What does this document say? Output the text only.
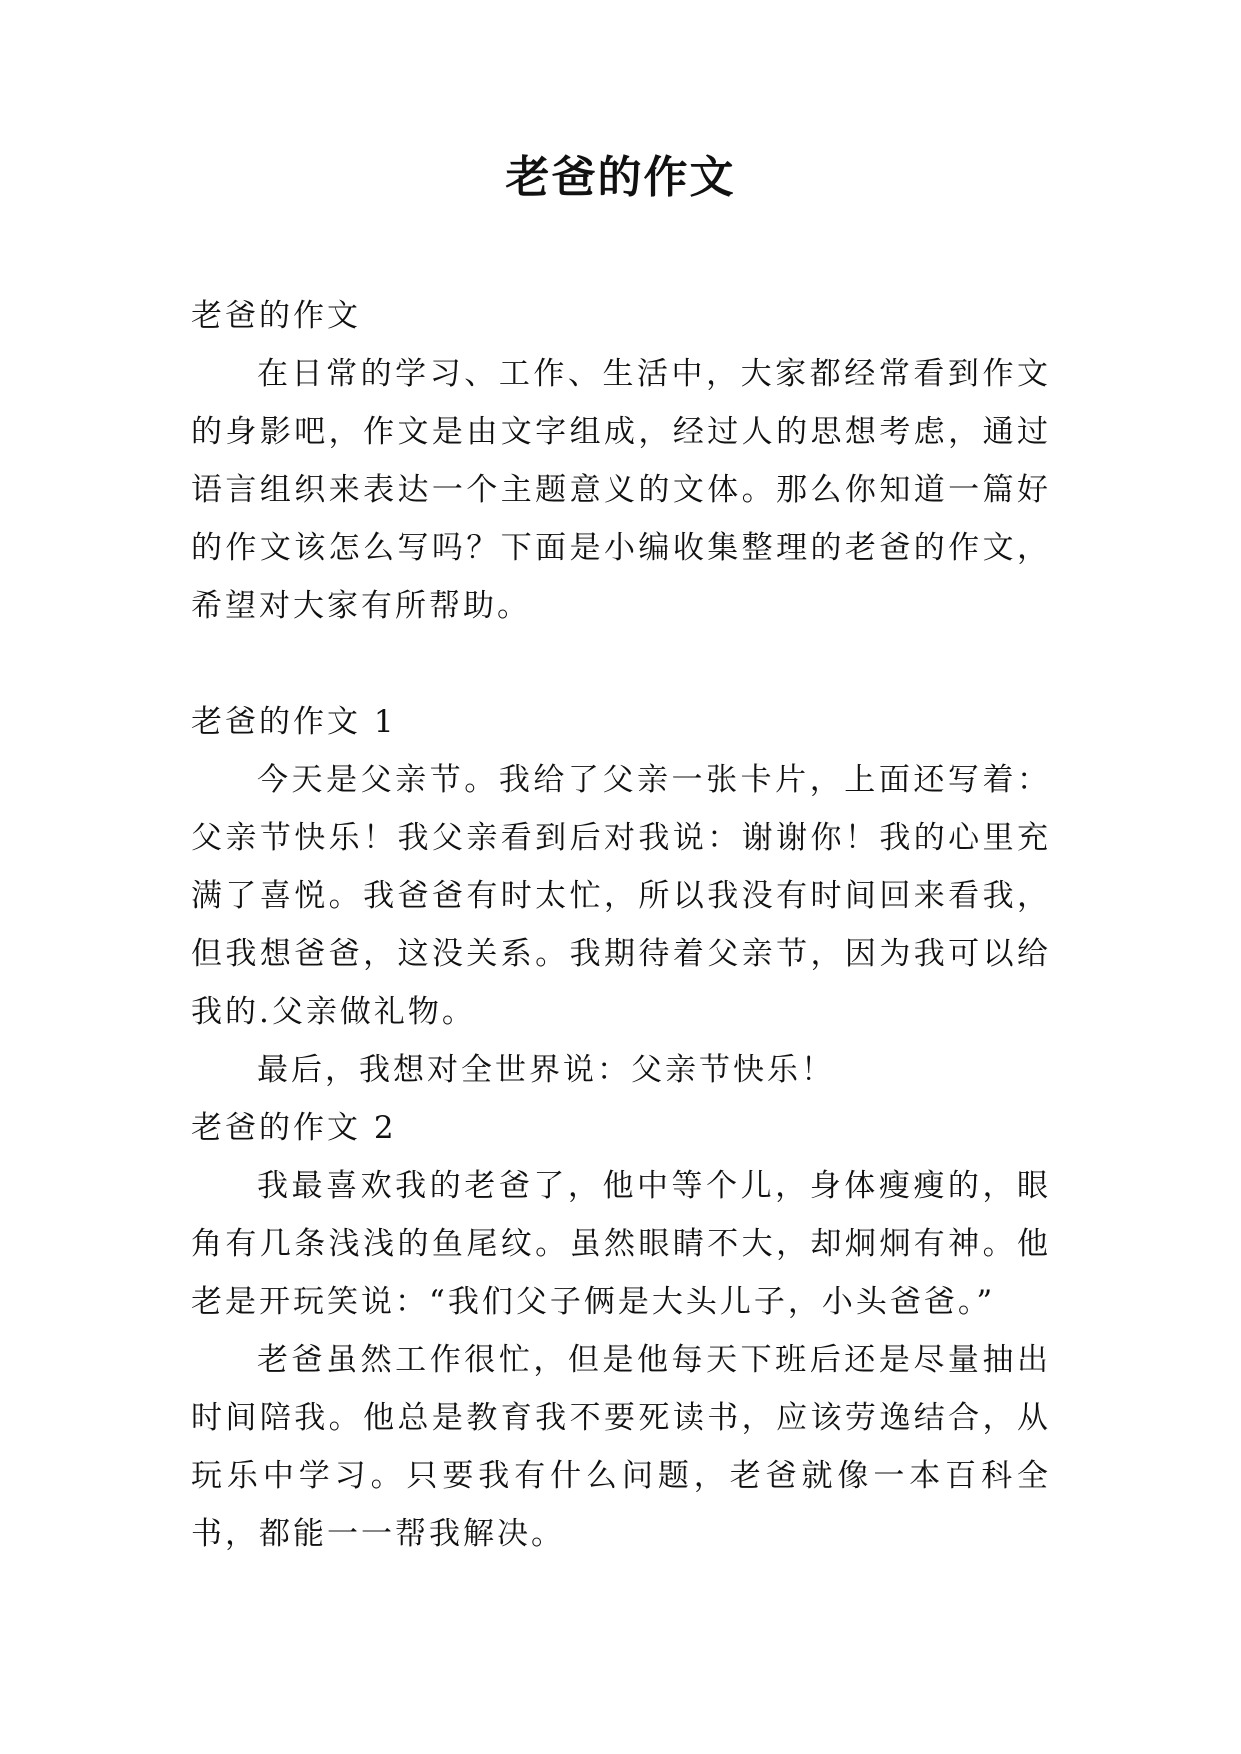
老爸的作文

老爸的作文

在日常的学习、工作、生活中，大家都经常看到作文的身影吧，作文是由文字组成，经过人的思想考虑，通过语言组织来表达一个主题意义的文体。那么你知道一篇好的作文该怎么写吗？下面是小编收集整理的老爸的作文，希望对大家有所帮助。

老爸的作文 1

今天是父亲节。我给了父亲一张卡片，上面还写着：父亲节快乐！我父亲看到后对我说：谢谢你！我的心里充满了喜悦。我爸爸有时太忙，所以我没有时间回来看我，但我想爸爸，这没关系。我期待着父亲节，因为我可以给我的.父亲做礼物。

最后，我想对全世界说：父亲节快乐！

老爸的作文 2

我最喜欢我的老爸了，他中等个儿，身体瘦瘦的，眼角有几条浅浅的鱼尾纹。虽然眼睛不大，却炯炯有神。他老是开玩笑说：“我们父子俩是大头儿子，小头爸爸。”

老爸虽然工作很忙，但是他每天下班后还是尽量抽出时间陪我。他总是教育我不要死读书，应该劳逸结合，从玩乐中学习。只要我有什么问题，老爸就像一本百科全书，都能一一帮我解决。
